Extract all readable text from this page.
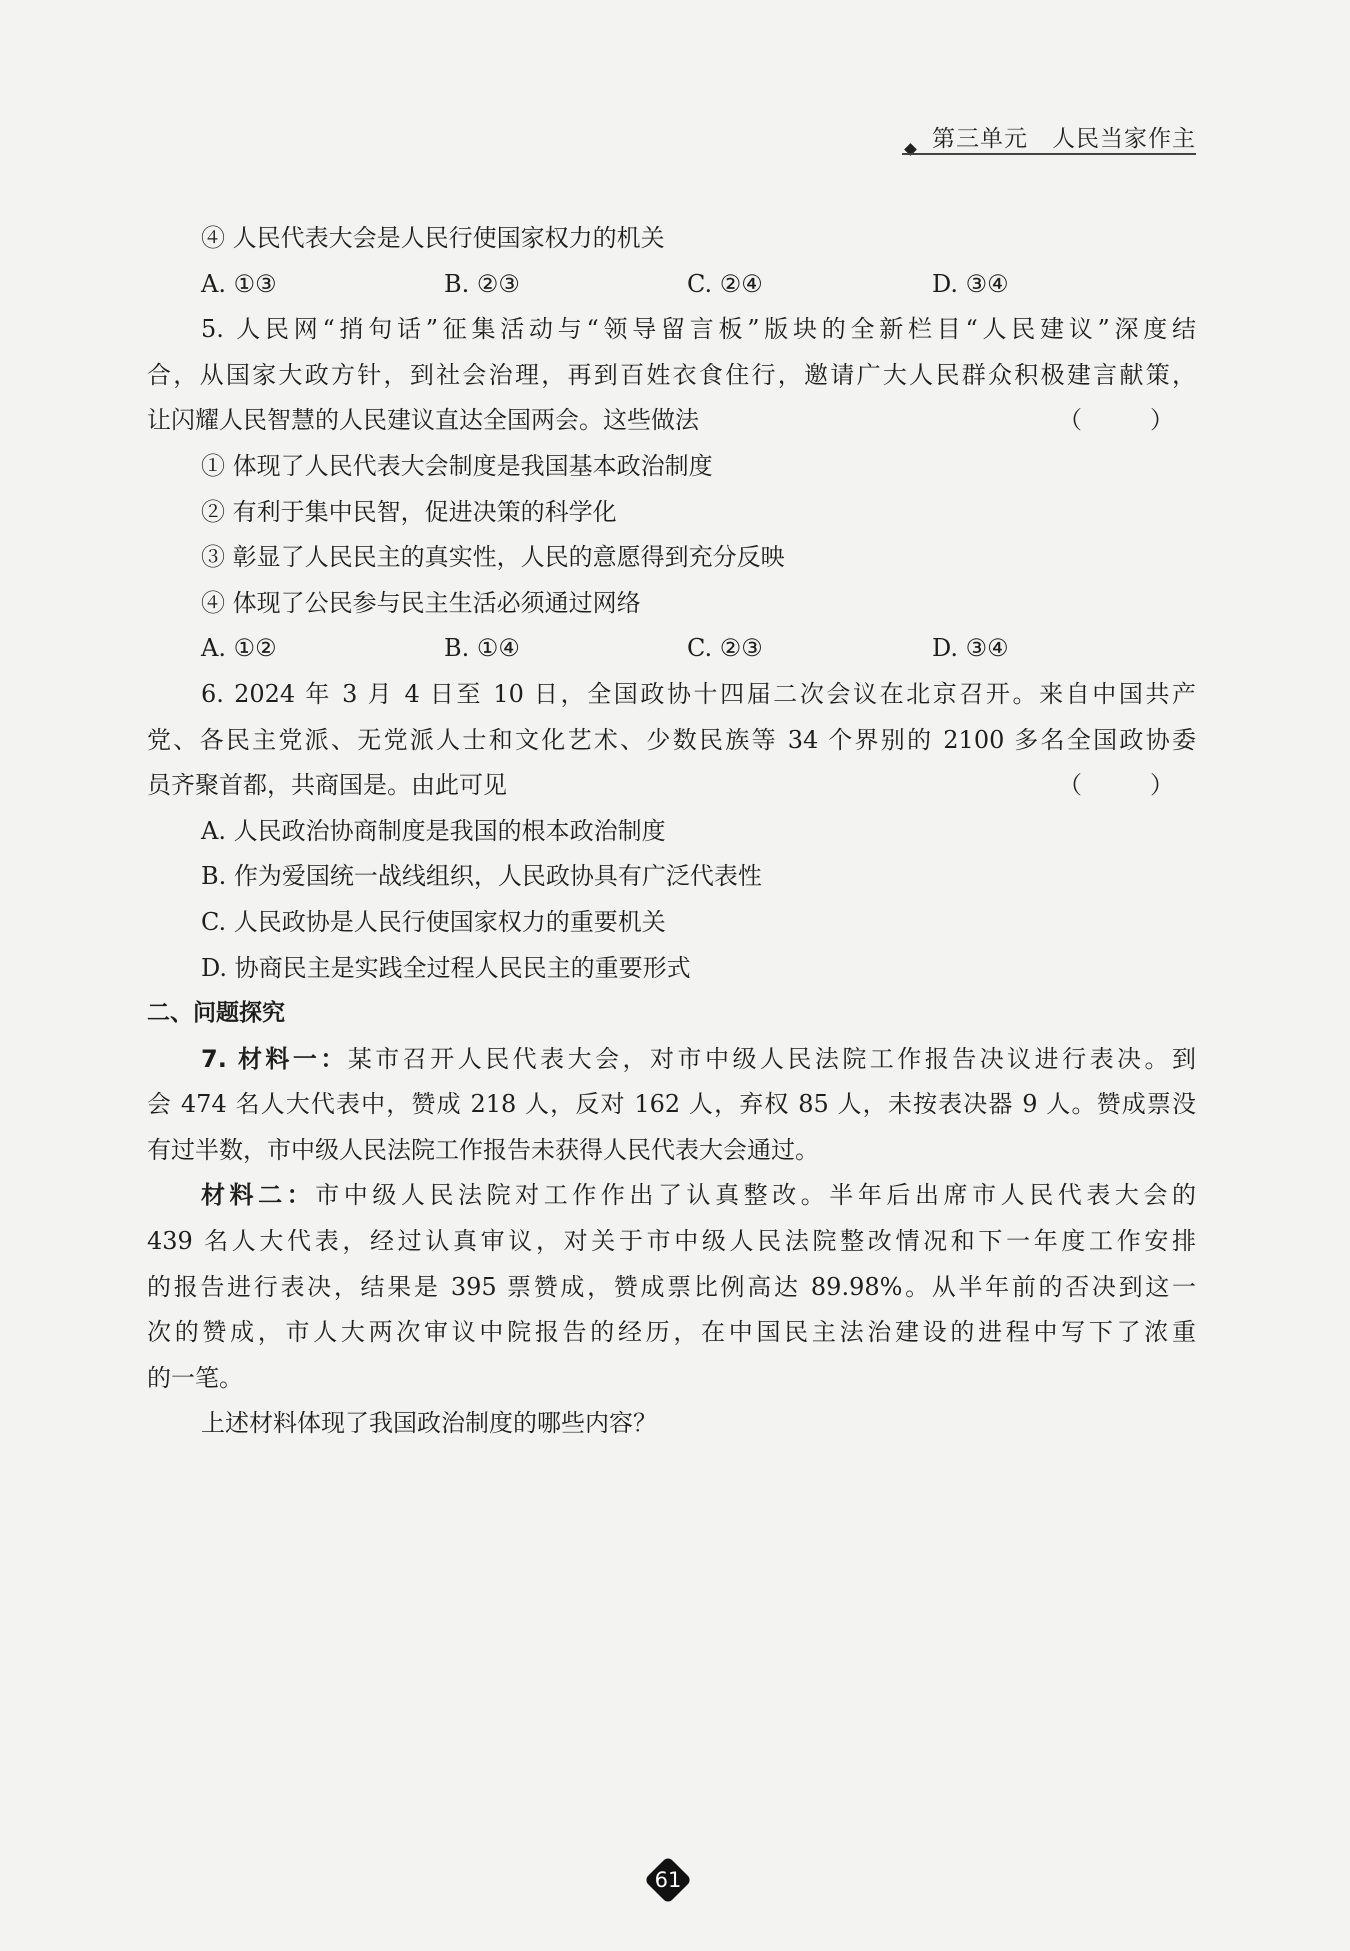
第三单元　人民当家作主
④ 人民代表大会是人民行使国家权力的机关
A. ①③	B. ②③	C. ②④	D. ③④
5. 人民网“捎句话”征集活动与“领导留言板”版块的全新栏目“人民建议”深度结
合，从国家大政方针，到社会治理，再到百姓衣食住行，邀请广大人民群众积极建言献策，
让闪耀人民智慧的人民建议直达全国两会。这些做法	（　）
① 体现了人民代表大会制度是我国基本政治制度
② 有利于集中民智，促进决策的科学化
③ 彰显了人民民主的真实性，人民的意愿得到充分反映
④ 体现了公民参与民主生活必须通过网络
A. ①②	B. ①④	C. ②③	D. ③④
6. 2024 年 3 月 4 日至 10 日，全国政协十四届二次会议在北京召开。来自中国共产
党、各民主党派、无党派人士和文化艺术、少数民族等 34 个界别的 2100 多名全国政协委
员齐聚首都，共商国是。由此可见	（　）
A. 人民政治协商制度是我国的根本政治制度
B. 作为爱国统一战线组织，人民政协具有广泛代表性
C. 人民政协是人民行使国家权力的重要机关
D. 协商民主是实践全过程人民民主的重要形式
二、问题探究
7. 材料一：某市召开人民代表大会，对市中级人民法院工作报告决议进行表决。到
会 474 名人大代表中，赞成 218 人，反对 162 人，弃权 85 人，未按表决器 9 人。赞成票没
有过半数，市中级人民法院工作报告未获得人民代表大会通过。
材料二：市中级人民法院对工作作出了认真整改。半年后出席市人民代表大会的
439 名人大代表，经过认真审议，对关于市中级人民法院整改情况和下一年度工作安排
的报告进行表决，结果是 395 票赞成，赞成票比例高达 89.98%。从半年前的否决到这一
次的赞成，市人大两次审议中院报告的经历，在中国民主法治建设的进程中写下了浓重
的一笔。
上述材料体现了我国政治制度的哪些内容？
61
